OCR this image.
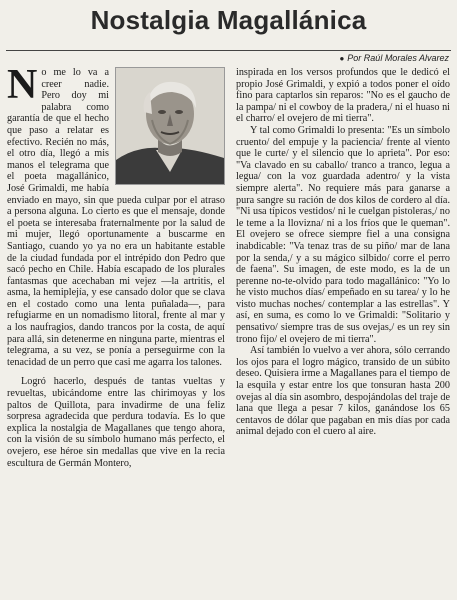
Nostalgia Magallánica
● Por Raúl Morales Alvarez

No me lo va a creer nadie. Pero doy mi palabra como garantía de que el hecho que paso a relatar es efectivo. Recién no más, el otro día, llegó a mis manos el telegrama que el poeta magallánico, José Grimaldi, me había enviado en mayo, sin que pueda culpar por el atraso a persona alguna. Lo cierto es que el mensaje, donde el poeta se interesaba fraternalmente por la salud de mi mujer, llegó oportunamente a buscarme en Santiago, cuando yo ya no era un habitante estable de la ciudad fundada por el intrépido don Pedro que sacó pecho en Chile. Había escapado de los plurales fantasmas que acechaban mi vejez —la artritis, el asma, la hemiplejía, y ese cansado dolor que se clava en el costado como una lenta puñalada—, para refugiarme en un nomadismo litoral, frente al mar y a los naufragios, dando trancos por la costa, de aquí para allá, sin detenerme en ninguna parte, mientras el telegrama, a su vez, se ponía a perseguirme con la tenacidad de un perro que casi me agarra los talones.

Logró hacerlo, después de tantas vueltas y revueltas, ubicándome entre las chirimoyas y los paltos de Quillota, para invadirme de una feliz sorpresa agradecida que perdura todavía. Es lo que explica la nostalgia de Magallanes que tengo ahora, con la visión de su símbolo humano más perfecto, el ovejero, ese héroe sin medallas que vive en la recia escultura de Germán Montero,

inspirada en los versos profundos que le dedicó el propio José Grimaldi, y expió a todos poner el oído fino para captarlos sin reparos: "No es el gaucho de la pampa/ ni el cowboy de la pradera,/ ni el huaso ni el charro/ el ovejero de mi tierra".

Y tal como Grimaldi lo presenta: "Es un símbolo cruento/ del empuje y la paciencia/ frente al viento que le curte/ y el silencio que lo aprieta". Por eso: "Va clavado en su caballo/ tranco a tranco, legua a legua/ con la voz guardada adentro/ y la vista siempre alerta". No requiere más para ganarse a pura sangre su ración de dos kilos de cordero al día. "Ni usa típicos vestidos/ ni le cuelgan pistoleras,/ no le teme a la llovizna/ ni a los fríos que le queman". El ovejero se ofrece siempre fiel a una consigna inabdicable: "Va tenaz tras de su piño/ mar de lana por la senda,/ y a su mágico silbido/ corre el perro de faena". Su imagen, de este modo, es la de un perenne no-te-olvido para todo magallánico: "Yo lo he visto muchos días/ empeñado en su tarea/ y lo he visto muchas noches/ contemplar a las estrellas". Y así, en suma, es como lo ve Grimaldi: "Solitario y pensativo/ siempre tras de sus ovejas,/ es un rey sin trono fijo/ el ovejero de mi tierra".

Así también lo vuelvo a ver ahora, sólo cerrando los ojos para el logro mágico, transido de un súbito deseo. Quisiera irme a Magallanes para el tiempo de la esquila y estar entre los que tonsuran hasta 200 ovejas al día sin asombro, despojándolas del traje de lana que llega a pesar 7 kilos, ganándose los 65 centavos de dólar que pagaban en mis días por cada animal dejado con el cuero al aire.
